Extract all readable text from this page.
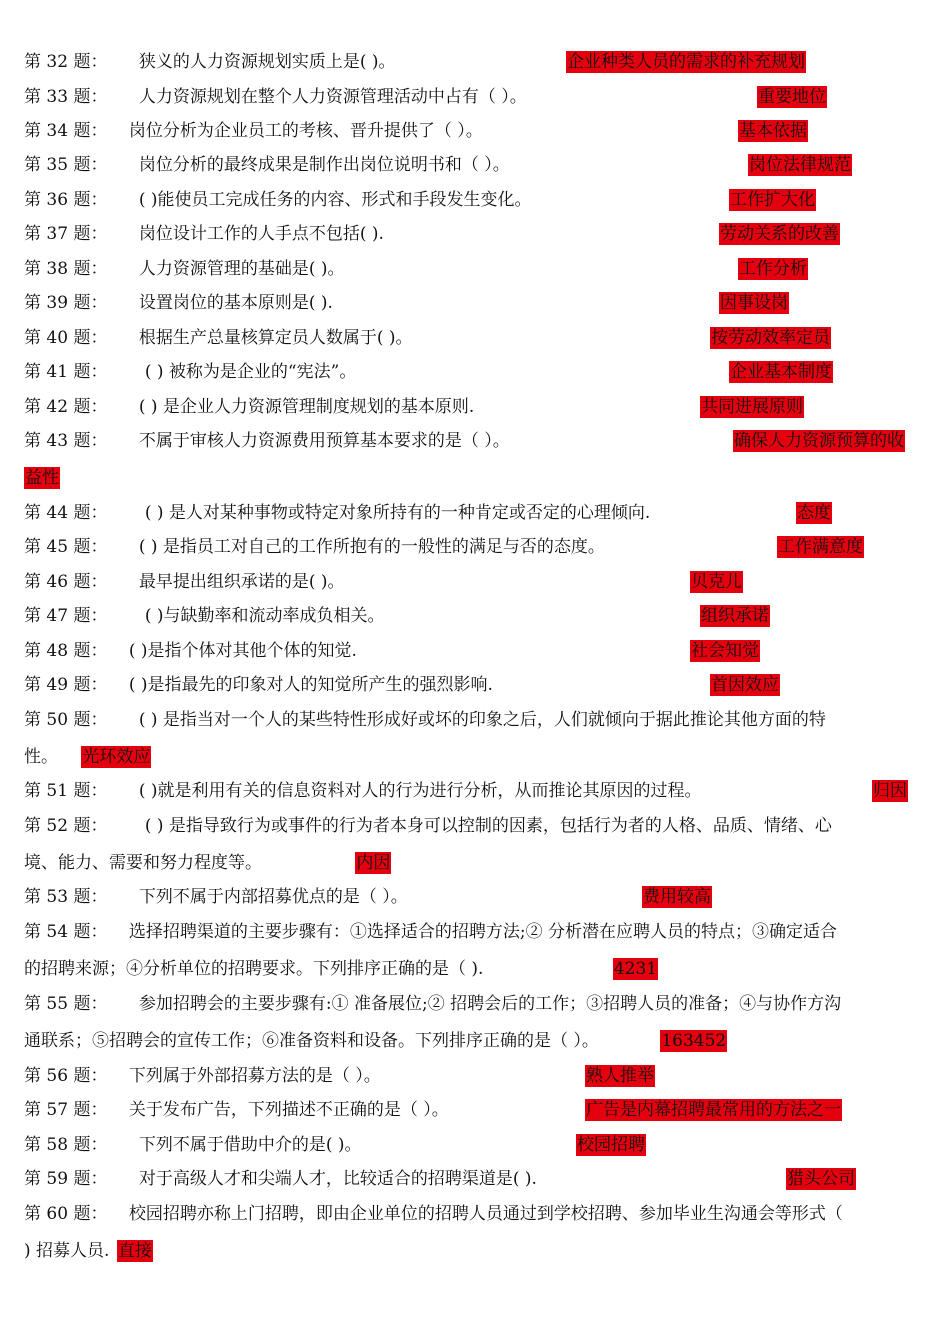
第 32 题： 狭义的人力资源规划实质上是( )。	企业种类人员的需求的补充规划
第 33 题： 人力资源规划在整个人力资源管理活动中占有（ ）。	重要地位
第 34 题： 岗位分析为企业员工的考核、晋升提供了（ ）。	基本依据
第 35 题： 岗位分析的最终成果是制作出岗位说明书和（ ）。	岗位法律规范
第 36 题： ( )能使员工完成任务的内容、形式和手段发生变化。	工作扩大化
第 37 题： 岗位设计工作的人手点不包括( ).	劳动关系的改善
第 38 题： 人力资源管理的基础是( )。	工作分析
第 39 题： 设置岗位的基本原则是( ).	因事设岗
第 40 题： 根据生产总量核算定员人数属于( )。	按劳动效率定员
第 41 题： ( ) 被称为是企业的“宪法”。	企业基本制度
第 42 题： ( ) 是企业人力资源管理制度规划的基本原则.	共同进展原则
第 43 题： 不属于审核人力资源费用预算基本要求的是（ ）。	确保人力资源预算的收
益性
第 44 题： ( ) 是人对某种事物或特定对象所持有的一种肯定或否定的心理倾向.	态度
第 45 题： ( ) 是指员工对自己的工作所抱有的一般性的满足与否的态度。	工作满意度
第 46 题： 最早提出组织承诺的是( )。	贝克儿
第 47 题： ( )与缺勤率和流动率成负相关。	组织承诺
第 48 题： ( )是指个体对其他个体的知觉.	社会知觉
第 49 题： ( )是指最先的印象对人的知觉所产生的强烈影响.	首因效应
第 50 题： ( ) 是指当对一个人的某些特性形成好或坏的印象之后，人们就倾向于据此推论其他方面的特
性。 光环效应
第 51 题： ( )就是利用有关的信息资料对人的行为进行分析，从而推论其原因的过程。	归因
第 52 题： ( ) 是指导致行为或事件的行为者本身可以控制的因素，包括行为者的人格、品质、情绪、心
境、能力、需要和努力程度等。	内因
第 53 题： 下列不属于内部招募优点的是（ ）。	费用较高
第 54 题： 选择招聘渠道的主要步骤有：①选择适合的招聘方法;② 分析潜在应聘人员的特点；③确定适合
的招聘来源；④分析单位的招聘要求。下列排序正确的是（ ).	4231
第 55 题： 参加招聘会的主要步骤有:① 准备展位;② 招聘会后的工作；③招聘人员的准备；④与协作方沟
通联系；⑤招聘会的宣传工作；⑥准备资料和设备。下列排序正确的是（ ）。	163452
第 56 题： 下列属于外部招募方法的是（ ）。	熟人推举
第 57 题： 关于发布广告，下列描述不正确的是（ ）。	广告是内幕招聘最常用的方法之一
第 58 题： 下列不属于借助中介的是( )。	校园招聘
第 59 题： 对于高级人才和尖端人才，比较适合的招聘渠道是( ).	猎头公司
第 60 题： 校园招聘亦称上门招聘，即由企业单位的招聘人员通过到学校招聘、参加毕业生沟通会等形式（
) 招募人员. 直接
